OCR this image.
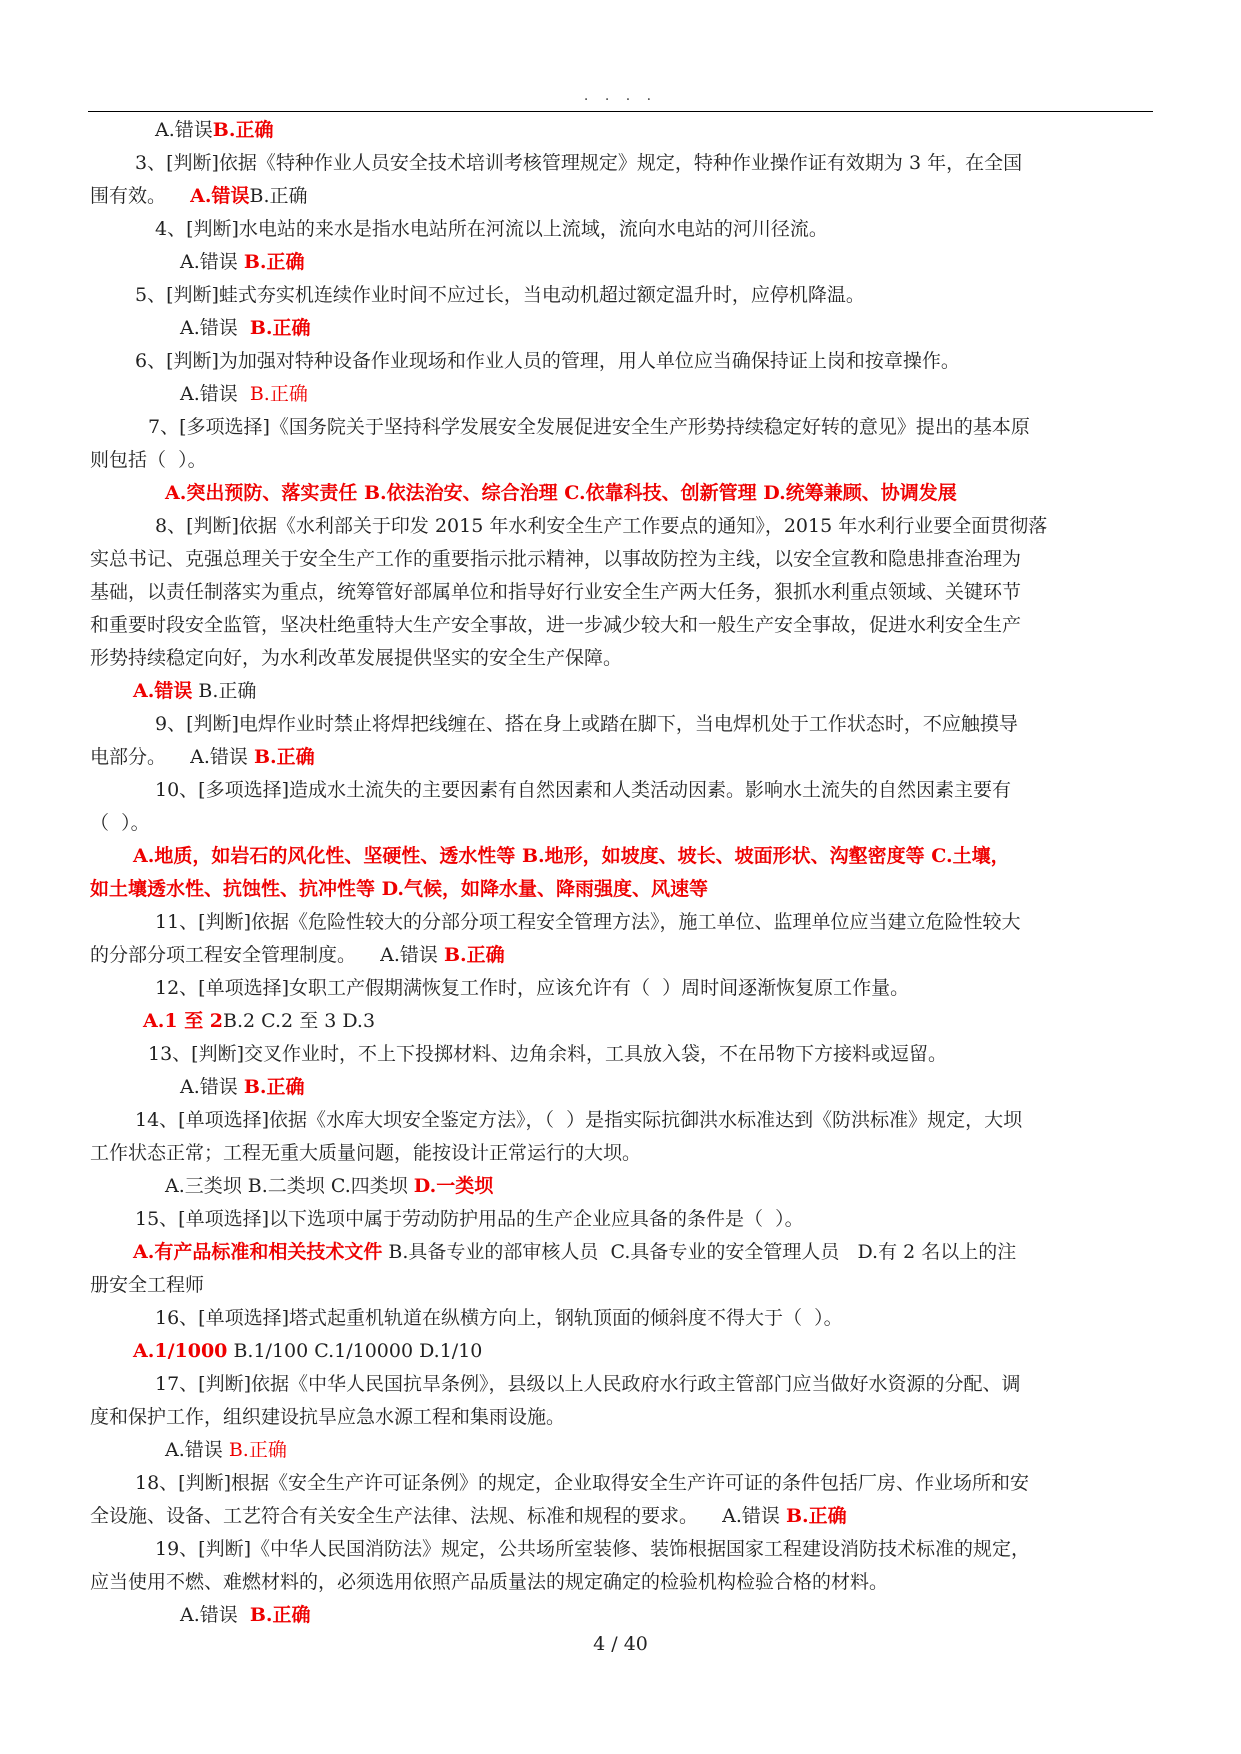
. . . .
A.错误B.正确
3、[判断]依据《特种作业人员安全技术培训考核管理规定》规定，特种作业操作证有效期为 3 年，在全国
围有效。    A.错误B.正确
4、[判断]水电站的来水是指水电站所在河流以上流域，流向水电站的河川径流。
A.错误 B.正确
5、[判断]蛙式夯实机连续作业时间不应过长，当电动机超过额定温升时，应停机降温。
A.错误  B.正确
6、[判断]为加强对特种设备作业现场和作业人员的管理，用人单位应当确保持证上岗和按章操作。
A.错误  B.正确
7、[多项选择]《国务院关于坚持科学发展安全发展促进安全生产形势持续稳定好转的意见》提出的基本原
则包括（  ）。
A.突出预防、落实责任 B.依法治安、综合治理 C.依靠科技、创新管理 D.统筹兼顾、协调发展
8、[判断]依据《水利部关于印发 2015 年水利安全生产工作要点的通知》，2015 年水利行业要全面贯彻落
实总书记、克强总理关于安全生产工作的重要指示批示精神，以事故防控为主线，以安全宣教和隐患排查治理为
基础，以责任制落实为重点，统筹管好部属单位和指导好行业安全生产两大任务，狠抓水利重点领域、关键环节
和重要时段安全监管，坚决杜绝重特大生产安全事故，进一步减少较大和一般生产安全事故，促进水利安全生产
形势持续稳定向好，为水利改革发展提供坚实的安全生产保障。
A.错误 B.正确
9、[判断]电焊作业时禁止将焊把线缠在、搭在身上或踏在脚下，当电焊机处于工作状态时，不应触摸导
电部分。    A.错误 B.正确
10、[多项选择]造成水土流失的主要因素有自然因素和人类活动因素。影响水土流失的自然因素主要有
（  ）。
A.地质，如岩石的风化性、坚硬性、透水性等 B.地形，如坡度、坡长、坡面形状、沟壑密度等 C.土壤，
如土壤透水性、抗蚀性、抗冲性等 D.气候，如降水量、降雨强度、风速等
11、[判断]依据《危险性较大的分部分项工程安全管理方法》，施工单位、监理单位应当建立危险性较大
的分部分项工程安全管理制度。    A.错误 B.正确
12、[单项选择]女职工产假期满恢复工作时，应该允许有（  ）周时间逐渐恢复原工作量。
A.1 至 2B.2 C.2 至 3 D.3
13、[判断]交叉作业时，不上下投掷材料、边角余料，工具放入袋，不在吊物下方接料或逗留。
A.错误 B.正确
14、[单项选择]依据《水库大坝安全鉴定方法》，（  ）是指实际抗御洪水标准达到《防洪标准》规定，大坝
工作状态正常；工程无重大质量问题，能按设计正常运行的大坝。
A.三类坝 B.二类坝 C.四类坝 D.一类坝
15、[单项选择]以下选项中属于劳动防护用品的生产企业应具备的条件是（  ）。
A.有产品标准和相关技术文件 B.具备专业的部审核人员  C.具备专业的安全管理人员   D.有 2 名以上的注
册安全工程师
16、[单项选择]塔式起重机轨道在纵横方向上，钢轨顶面的倾斜度不得大于（  ）。
A.1/1000 B.1/100 C.1/10000 D.1/10
17、[判断]依据《中华人民国抗旱条例》，县级以上人民政府水行政主管部门应当做好水资源的分配、调
度和保护工作，组织建设抗旱应急水源工程和集雨设施。
A.错误 B.正确
18、[判断]根据《安全生产许可证条例》的规定，企业取得安全生产许可证的条件包括厂房、作业场所和安
全设施、设备、工艺符合有关安全生产法律、法规、标准和规程的要求。    A.错误 B.正确
19、[判断]《中华人民国消防法》规定，公共场所室装修、装饰根据国家工程建设消防技术标准的规定，
应当使用不燃、难燃材料的，必须选用依照产品质量法的规定确定的检验机构检验合格的材料。
A.错误  B.正确
4 / 40
